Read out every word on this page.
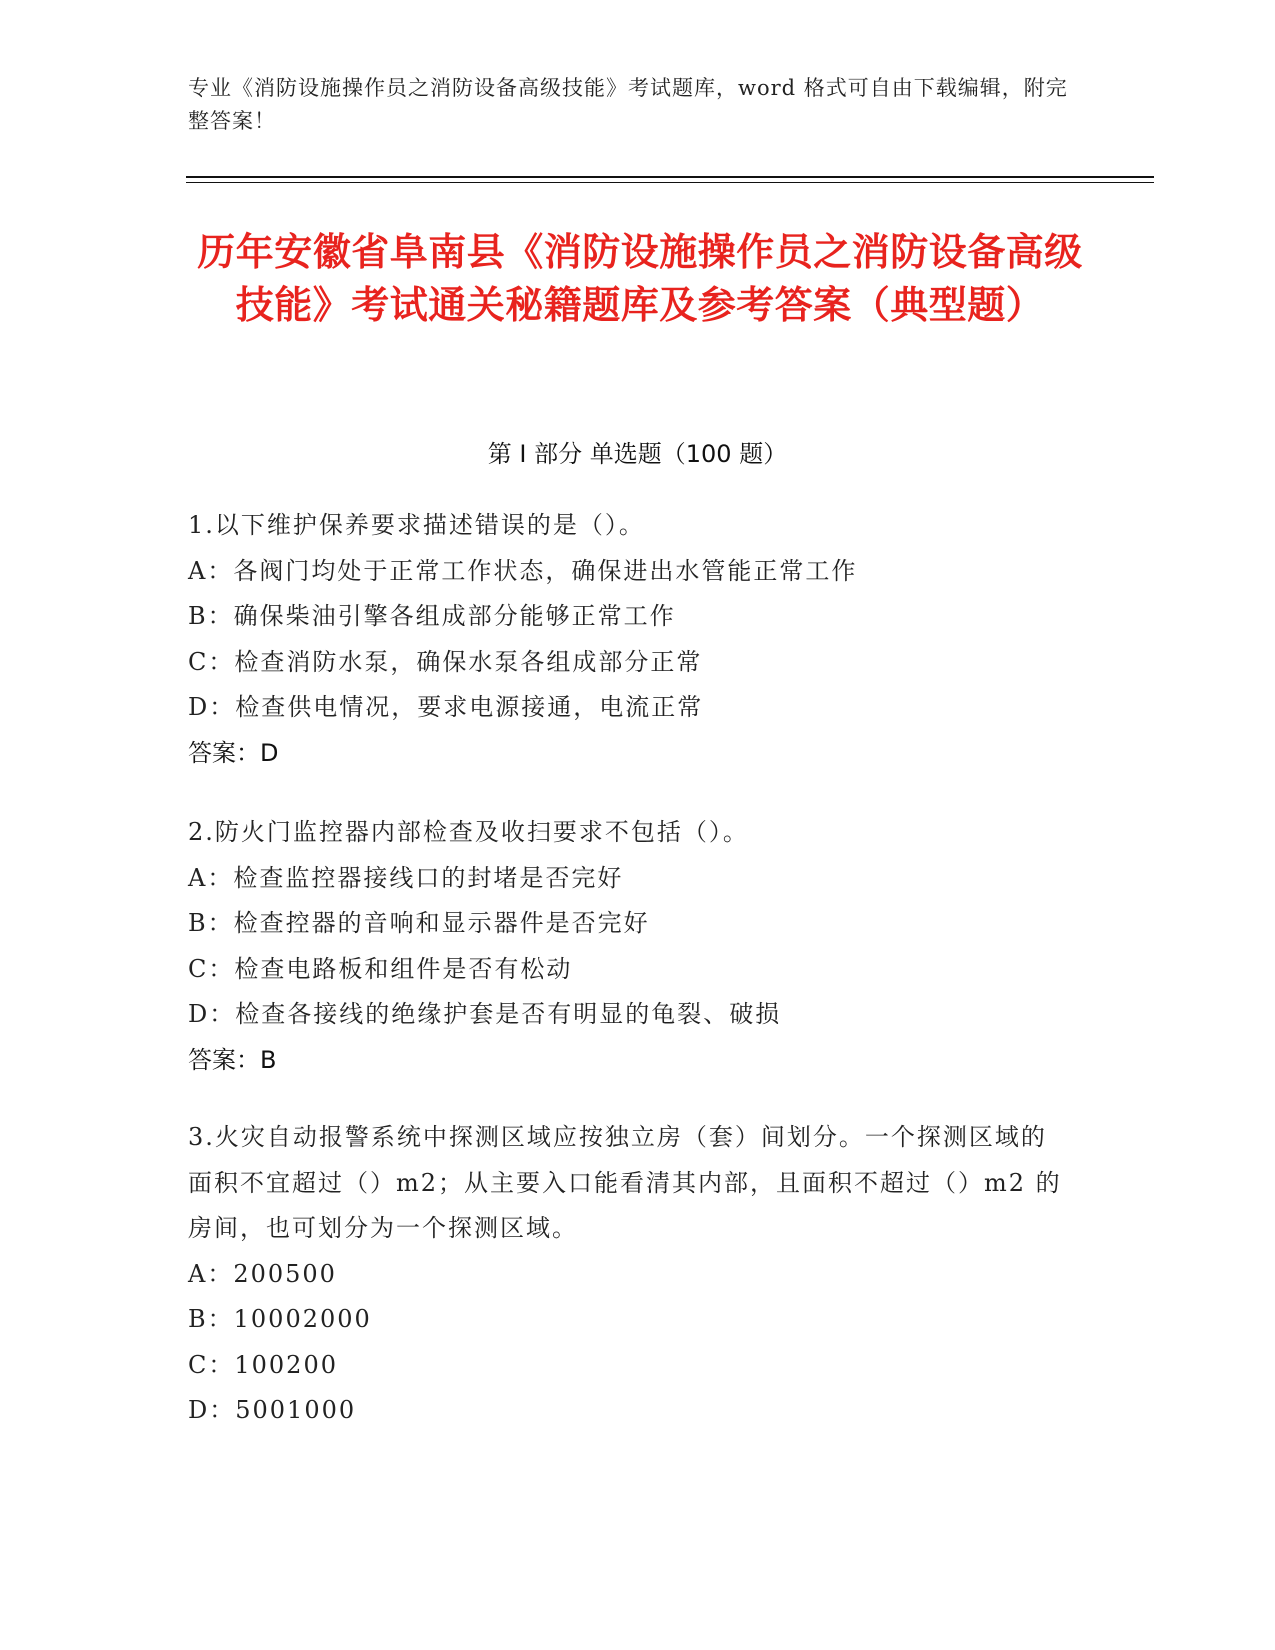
专业《消防设施操作员之消防设备高级技能》考试题库，word 格式可自由下载编辑，附完整答案！
历年安徽省阜南县《消防设施操作员之消防设备高级技能》考试通关秘籍题库及参考答案（典型题）
第 I 部分 单选题（100 题）

1.以下维护保养要求描述错误的是（）。

A：各阀门均处于正常工作状态，确保进出水管能正常工作

B：确保柴油引擎各组成部分能够正常工作

C：检查消防水泵，确保水泵各组成部分正常

D：检查供电情况，要求电源接通，电流正常

答案：D

2.防火门监控器内部检查及收扫要求不包括（）。

A：检查监控器接线口的封堵是否完好

B：检查控器的音响和显示器件是否完好

C：检查电路板和组件是否有松动

D：检查各接线的绝缘护套是否有明显的龟裂、破损

答案：B

3.火灾自动报警系统中探测区域应按独立房（套）间划分。一个探测区域的面积不宜超过（）m2；从主要入口能看清其内部，且面积不超过（）m2 的房间，也可划分为一个探测区域。

A：200500

B：10002000

C：100200

D：5001000
